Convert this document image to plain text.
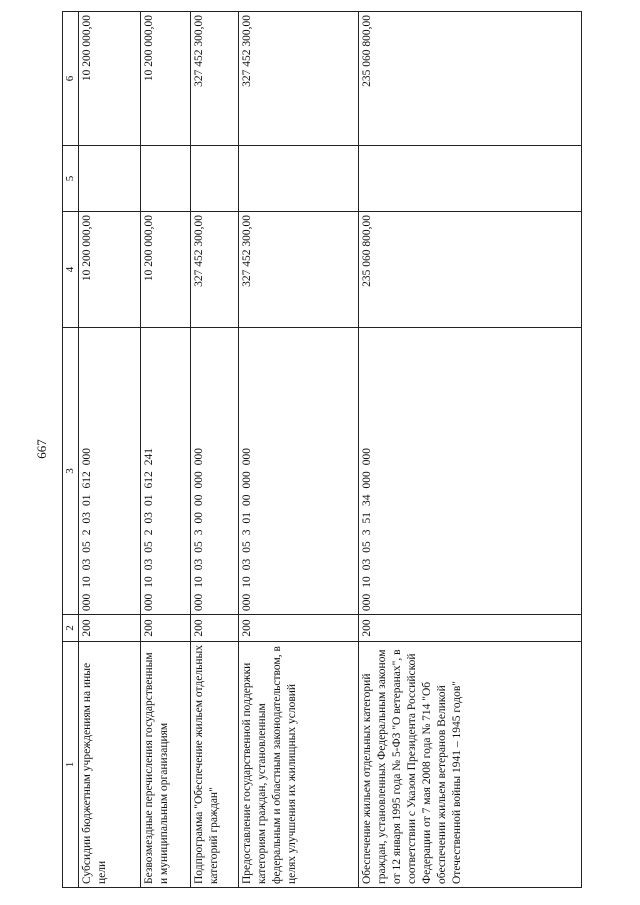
667
1	2	3	4	5	6
Субсидии бюджетным учреждениям на иные цели	200	00010030520301612000	10 200 000,00		10 200 000,00
Безвозмездные перечисления государственным и муниципальным организациям	200	00010030520301612241	10 200 000,00		10 200 000,00
Подпрограмма "Обеспечение жильем отдельных категорий граждан"	200	00010030530000000000	327 452 300,00		327 452 300,00
Предоставление государственной поддержки категориям граждан, установленным федеральным и областным законодательством, в целях улучшения их жилищных условий	200	00010030530100000000	327 452 300,00		327 452 300,00
Обеспечение жильем отдельных категорий граждан, установленных Федеральным законом от 12 января 1995 года № 5-ФЗ "О ветеранах", в соответствии с Указом Президента Российской Федерации от 7 мая 2008 года № 714 "Об обеспечении жильем ветеранов Великой Отечественной войны 1941 – 1945 годов"	200	00010030535134000000	235 060 800,00		235 060 800,00
